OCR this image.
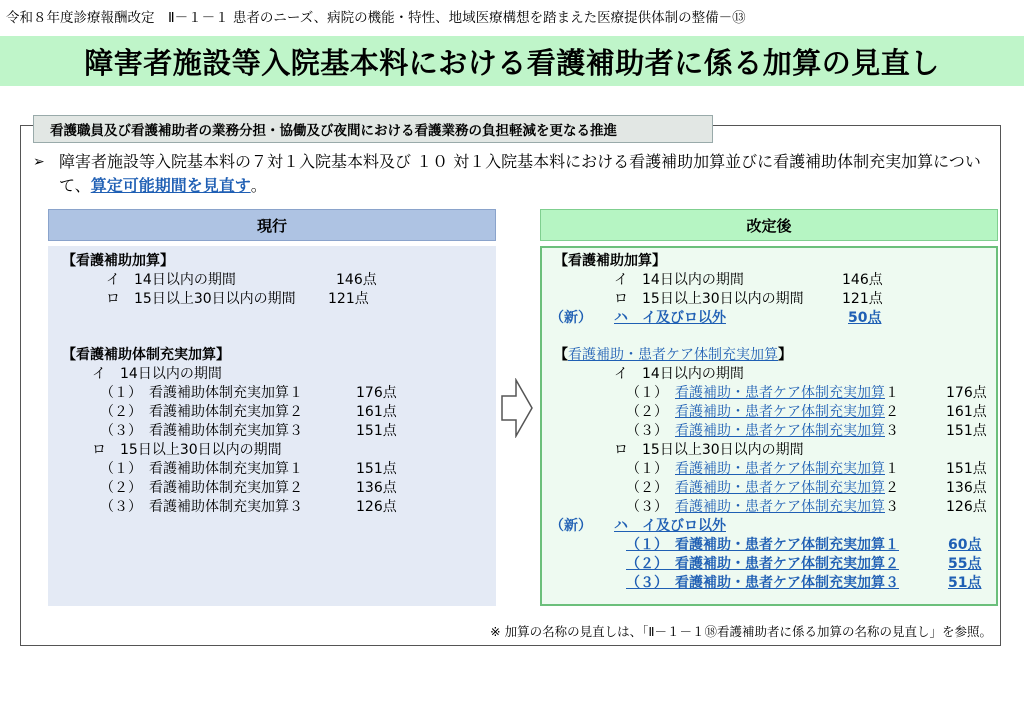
令和８年度診療報酬改定　Ⅱ－１－１ 患者のニーズ、病院の機能・特性、地域医療構想を踏まえた医療提供体制の整備－⑬
障害者施設等入院基本料における看護補助者に係る加算の見直し
看護職員及び看護補助者の業務分担・協働及び夜間における看護業務の負担軽減を更なる推進
➢ 障害者施設等入院基本料の７対１入院基本料及び １０ 対１入院基本料における看護補助加算並びに看護補助体制充実加算について、算定可能期間を見直す。
現行
【看護補助加算】
イ　14日以内の期間	146点
ロ　15日以上30日以内の期間 121点
【看護補助体制充実加算】
イ　14日以内の期間
（１）　看護補助体制充実加算１	176点
（２）　看護補助体制充実加算２	161点
（３）　看護補助体制充実加算３	151点
ロ　15日以上30日以内の期間
（１）　看護補助体制充実加算１	151点
（２）　看護補助体制充実加算２	136点
（３）　看護補助体制充実加算３	126点
改定後
【看護補助加算】
イ　14日以内の期間	146点
ロ　15日以上30日以内の期間	121点
（新） ハ　イ及びロ以外	50点
【看護補助・患者ケア体制充実加算】
イ　14日以内の期間
（１）　 看護補助・患者ケア体制充実加算１	176点
（２）　 看護補助・患者ケア体制充実加算２	161点
（３）　 看護補助・患者ケア体制充実加算３	151点
ロ　15日以上30日以内の期間
（１）　 看護補助・患者ケア体制充実加算１	151点
（２）　 看護補助・患者ケア体制充実加算２	136点
（３）　 看護補助・患者ケア体制充実加算３	126点
（新） ハ　イ及びロ以外
（１）　看護補助・患者ケア体制充実加算１	60点
（２）　看護補助・患者ケア体制充実加算２	55点
（３）　看護補助・患者ケア体制充実加算３	51点
※ 加算の名称の見直しは、「Ⅱ－１－１⑱看護補助者に係る加算の名称の見直し」を参照。
